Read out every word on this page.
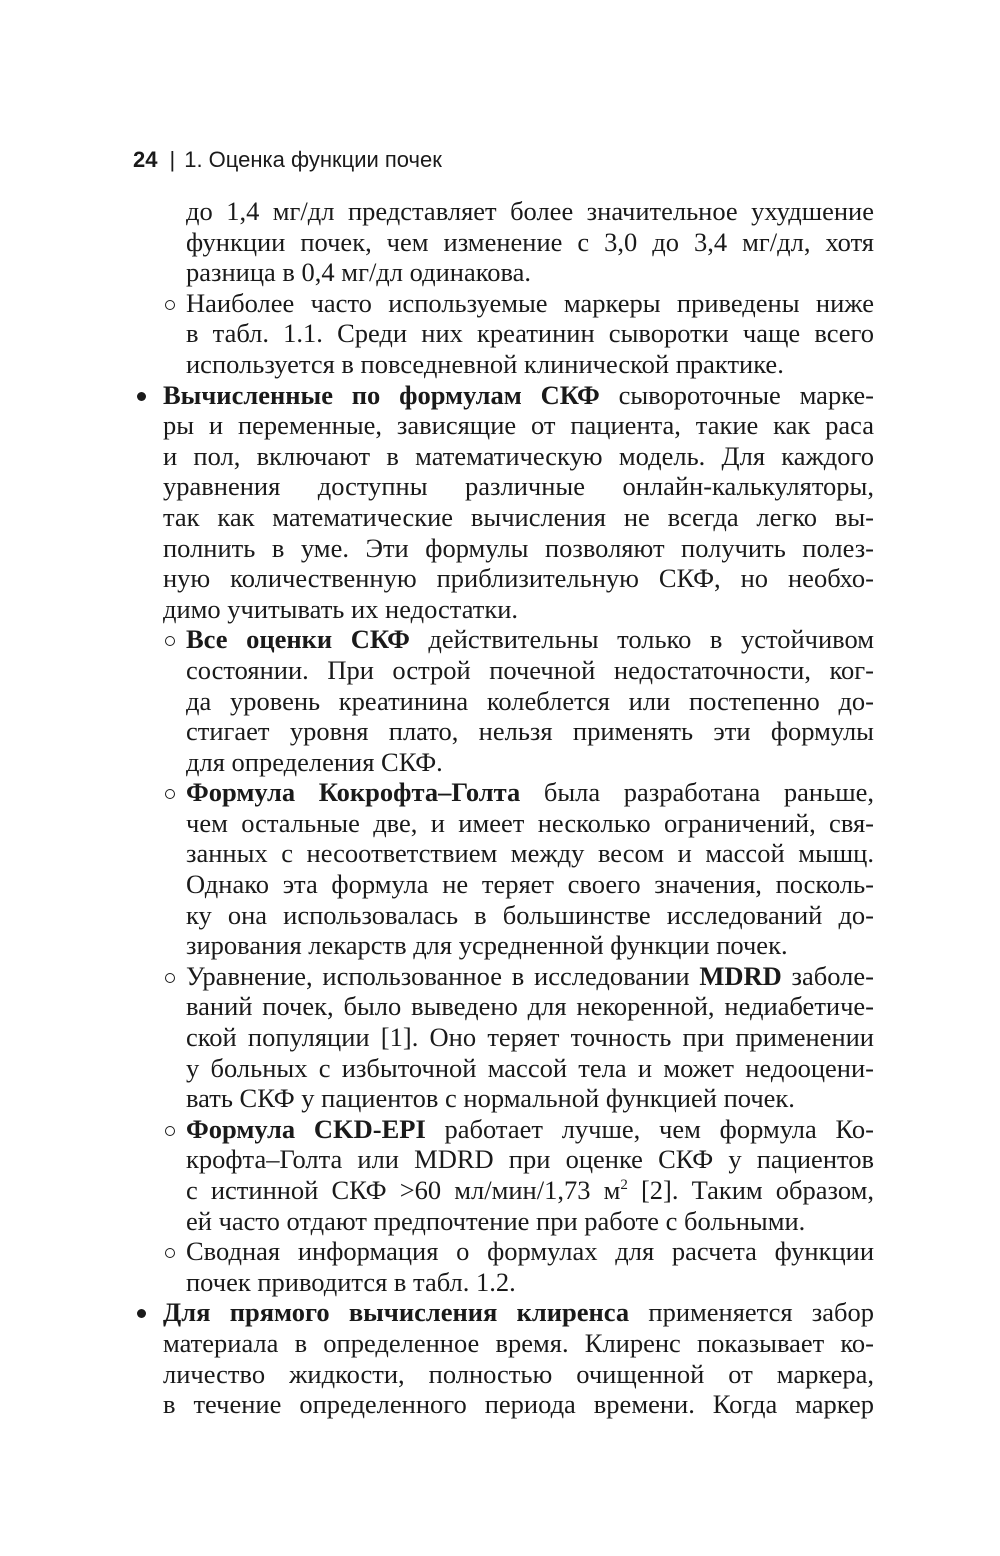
24 | 1. Оценка функции почек
до 1,4 мг/дл представляет более значительное ухудшение
функции почек, чем изменение с 3,0 до 3,4 мг/дл, хотя
разница в 0,4 мг/дл одинакова.
Наиболее часто используемые маркеры приведены ниже
в табл. 1.1. Среди них креатинин сыворотки чаще всего
используется в повседневной клинической практике.
Вычисленные по формулам СКФ сывороточные марке-
ры и переменные, зависящие от пациента, такие как раса
и пол, включают в математическую модель. Для каждого
уравнения доступны различные онлайн-калькуляторы,
так как математические вычисления не всегда легко вы-
полнить в уме. Эти формулы позволяют получить полез-
ную количественную приблизительную СКФ, но необхо-
димо учитывать их недостатки.
Все оценки СКФ действительны только в устойчивом
состоянии. При острой почечной недостаточности, ког-
да уровень креатинина колеблется или постепенно до-
стигает уровня плато, нельзя применять эти формулы
для определения СКФ.
Формула Кокрофта–Голта была разработана раньше,
чем остальные две, и имеет несколько ограничений, свя-
занных с несоответствием между весом и массой мышц.
Однако эта формула не теряет своего значения, посколь-
ку она использовалась в большинстве исследований до-
зирования лекарств для усредненной функции почек.
Уравнение, использованное в исследовании MDRD заболе-
ваний почек, было выведено для некоренной, недиабетиче-
ской популяции [1]. Оно теряет точность при применении
у больных с избыточной массой тела и может недооцени-
вать СКФ у пациентов с нормальной функцией почек.
Формула CKD-EPI работает лучше, чем формула Ко-
крофта–Голта или MDRD при оценке СКФ у пациентов
с истинной СКФ >60 мл/мин/1,73 $м^2$ [2]. Таким образом,
ей часто отдают предпочтение при работе с больными.
Сводная информация о формулах для расчета функции
почек приводится в табл. 1.2.
Для прямого вычисления клиренса применяется забор
материала в определенное время. Клиренс показывает ко-
личество жидкости, полностью очищенной от маркера,
в течение определенного периода времени. Когда маркер
